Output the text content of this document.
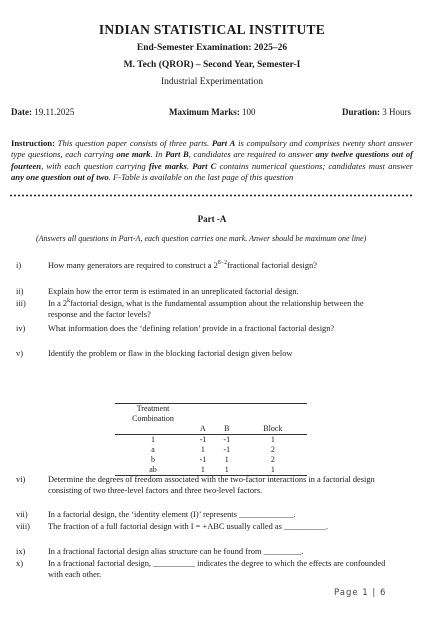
INDIAN STATISTICAL INSTITUTE
End-Semester Examination: 2025–26
M. Tech (QROR) – Second Year, Semester-I
Industrial Experimentation
Date: 19.11.2025	Maximum Marks: 100	Duration: 3 Hours
Instruction: This question paper consists of three parts. Part A is compulsory and comprises twenty short answer type questions, each carrying one mark. In Part B, candidates are required to answer any twelve questions out of fourteen, with each question carrying five marks. Part C contains numerical questions; candidates must answer any one question out of two. F-Table is available on the last page of this question
Part -A
(Answers all questions in Part-A, each question carries one mark. Anwer should be maximum one line)
i)	How many generators are required to construct a $2^{8-2}fractional$ factorial design?
ii)	Explain how the error term is estimated in an unreplicated factorial design.
iii)	In a 2$^k$factorial design, what is the fundamental assumption about the relationship between the response and the factor levels?
iv)	What information does the ‘defining relation’ provide in a fractional factorial design?
v)	Identify the problem or flaw in the blocking factorial design given below
Treatment Combination			
	A	B	Block
1	-1	-1	1
a	1	-1	2
b	-1	1	2
ab	1	1	1
vi)	Determine the degrees of freedom associated with the two-factor interactions in a factorial design consisting of two three-level factors and three two-level factors.
vii)	In a factorial design, the ‘identity element (I)’ represents _____________.
viii)	The fraction of a full factorial design with I = +ABC usually called as __________.
ix)	In a fractional factorial design alias structure can be found from _________.
x)	In a fractional factorial design, __________ indicates the degree to which the effects are confounded with each other.
Page 1 | 6
